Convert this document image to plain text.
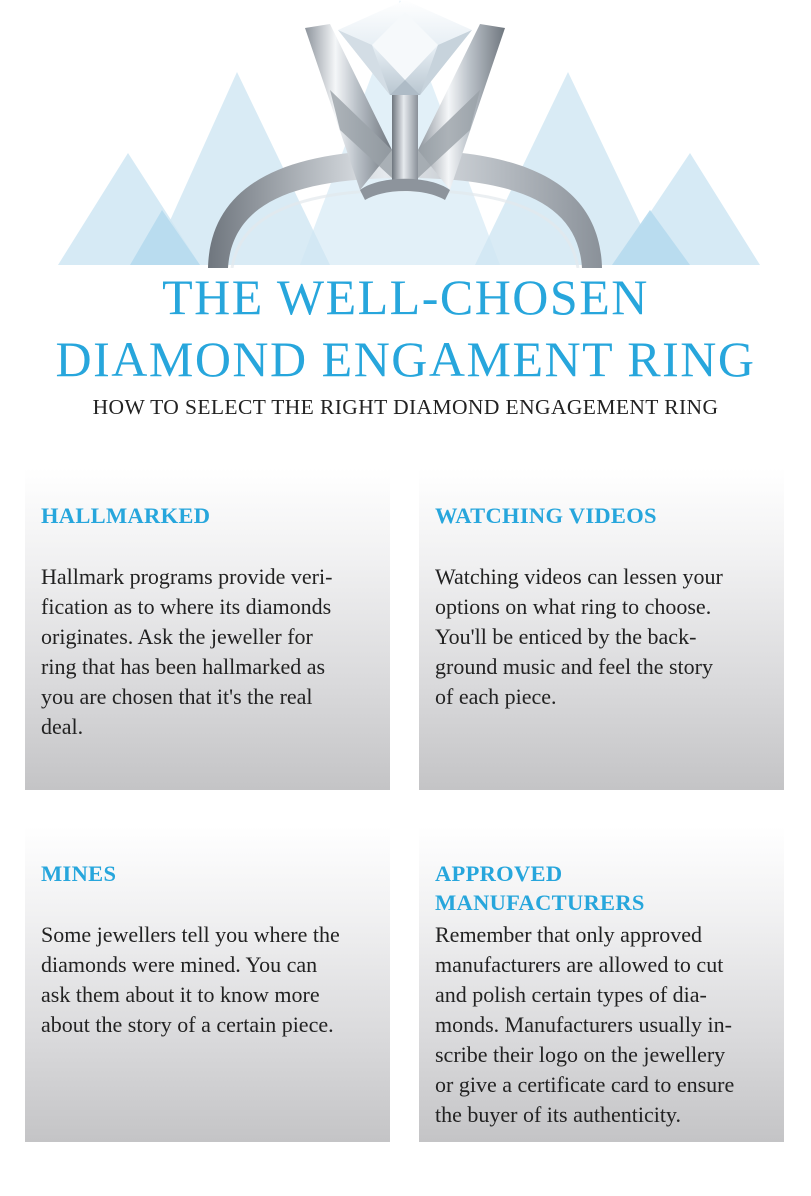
THE WELL-CHOSEN
DIAMOND ENGAMENT RING
HOW TO SELECT THE RIGHT DIAMOND ENGAGEMENT RING
HALLMARKED
Hallmark programs provide veri-
fication as to where its diamonds
originates. Ask the jeweller for
ring that has been hallmarked as
you are chosen that it's the real
deal.
WATCHING VIDEOS
Watching videos can lessen your
options on what ring to choose.
You'll be enticed by the back-
ground music and feel the story
of each piece.
MINES
Some jewellers tell you where the
diamonds were mined. You can
ask them about it to know more
about the story of a certain piece.
APPROVED
MANUFACTURERS
Remember that only approved
manufacturers are allowed to cut
and polish certain types of dia-
monds. Manufacturers usually in-
scribe their logo on the jewellery
or give a certificate card to ensure
the buyer of its authenticity.
